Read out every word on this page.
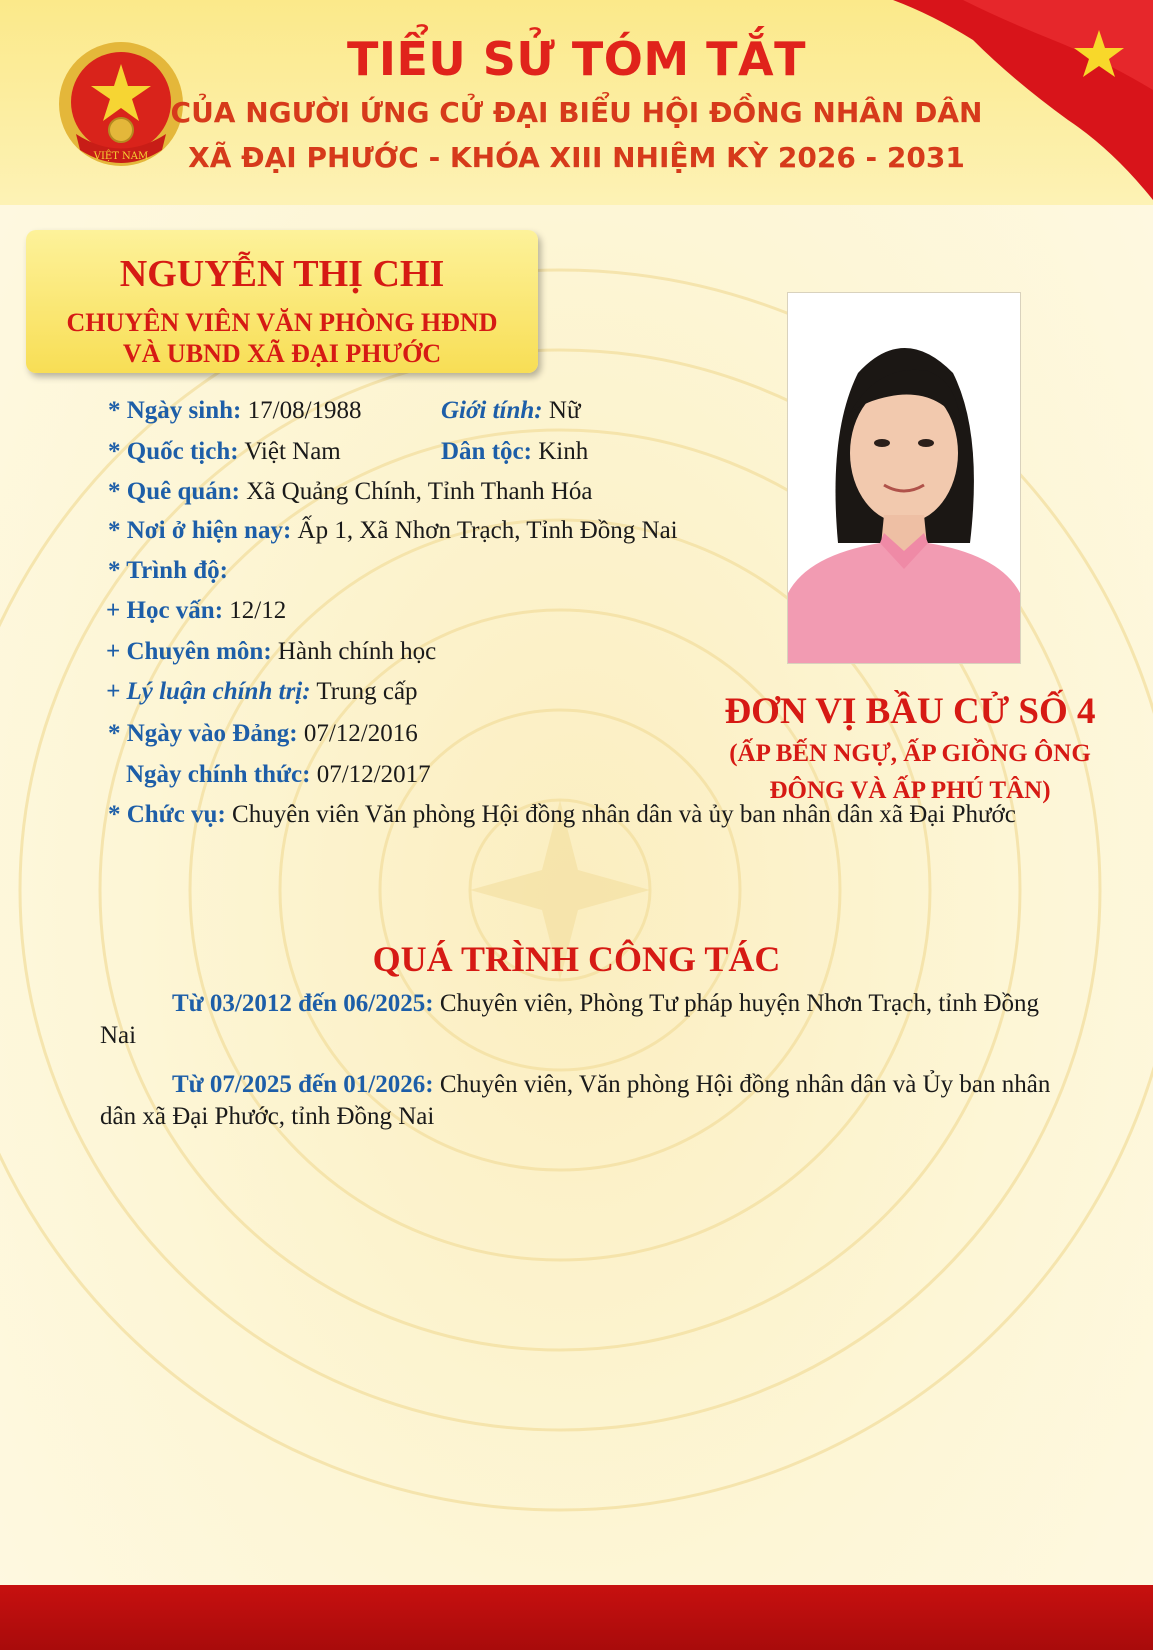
VIỆT NAM
TIỂU SỬ TÓM TẮT
CỦA NGƯỜI ỨNG CỬ ĐẠI BIỂU HỘI ĐỒNG NHÂN DÂN
XÃ ĐẠI PHƯỚC - KHÓA XIII NHIỆM KỲ 2026 - 2031
NGUYỄN THỊ CHI
CHUYÊN VIÊN VĂN PHÒNG HĐND
VÀ UBND XÃ ĐẠI PHƯỚC
* Ngày sinh: 17/08/1988	Giới tính: Nữ
* Quốc tịch: Việt Nam	Dân tộc: Kinh
* Quê quán: Xã Quảng Chính, Tỉnh Thanh Hóa
* Nơi ở hiện nay: Ấp 1, Xã Nhơn Trạch, Tỉnh Đồng Nai
* Trình độ:
+ Học vấn: 12/12
+ Chuyên môn: Hành chính học
+ Lý luận chính trị: Trung cấp
* Ngày vào Đảng: 07/12/2016
Ngày chính thức: 07/12/2017
* Chức vụ: Chuyên viên Văn phòng Hội đồng nhân dân và ủy ban nhân dân xã Đại Phước
ĐƠN VỊ BẦU CỬ SỐ 4
(ẤP BẾN NGỰ, ẤP GIỒNG ÔNG
ĐÔNG VÀ ẤP PHÚ TÂN)
QUÁ TRÌNH CÔNG TÁC
Từ 03/2012 đến 06/2025: Chuyên viên, Phòng Tư pháp huyện Nhơn Trạch, tỉnh Đồng Nai
Từ 07/2025 đến 01/2026: Chuyên viên, Văn phòng Hội đồng nhân dân và Ủy ban nhân dân xã Đại Phước, tỉnh Đồng Nai
